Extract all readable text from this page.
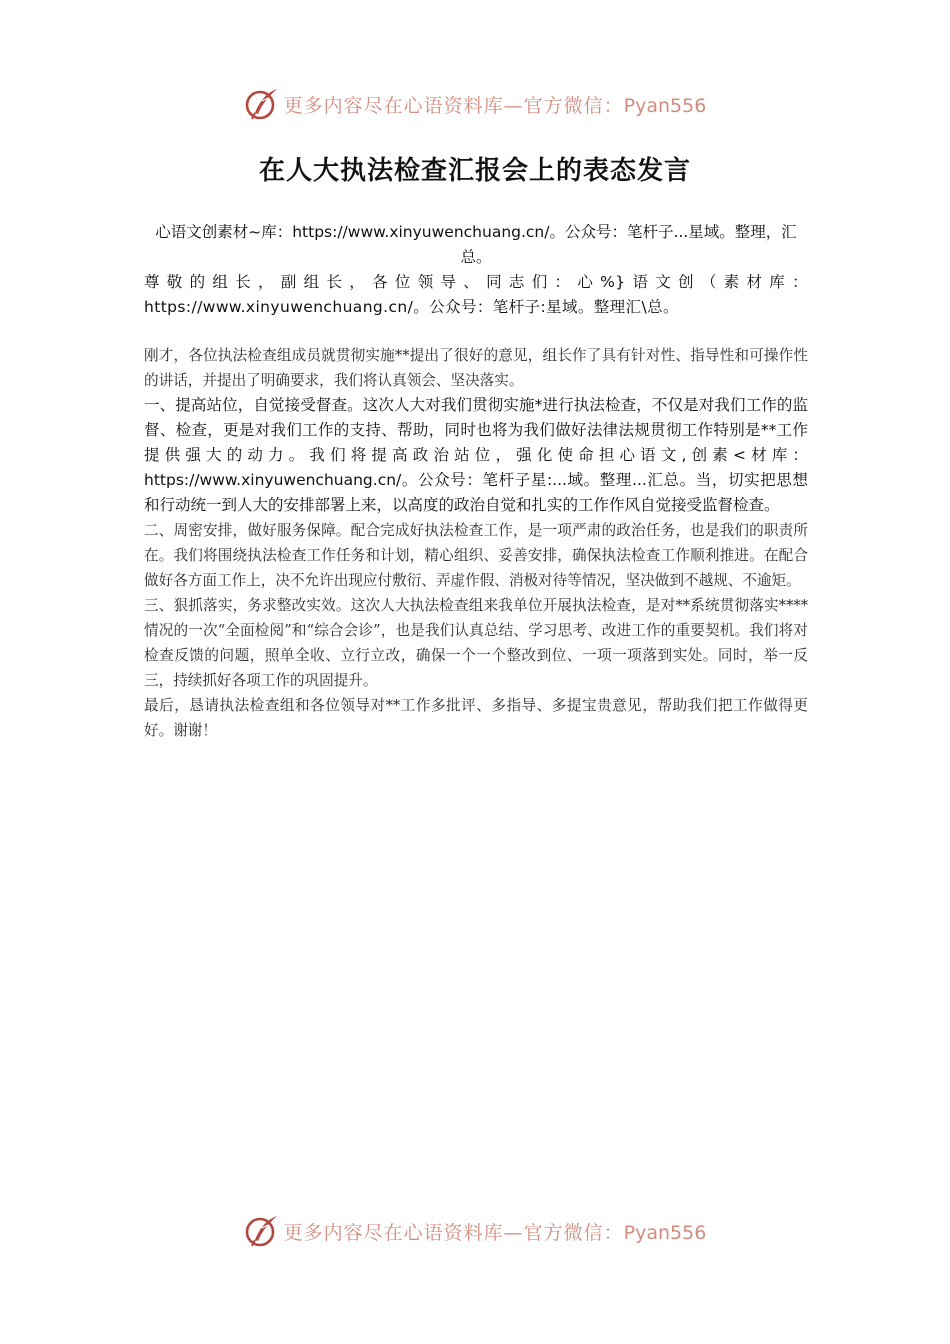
更多内容尽在心语资料库—官方微信：Pyan556
在人大执法检查汇报会上的表态发言
心语文创素材~库：https://www.xinyuwenchuang.cn/。公众号：笔杆子...星域。整理，汇总。
尊敬的组长，副组长，各位领导、同志们：心%}语文创（素材库：https://www.xinyuwenchuang.cn/。公众号：笔杆子:星域。整理汇\总。

刚才，各位执法检查组成员就贯彻实施**提出了很好的意见，组长作了具有针对性、指导性和可操作性的讲话，并提出了明确要求，我们将认真领会、坚决落实。

一、提高站位，自觉接受督查。这次人大对我们贯彻实施*进行执法检查，不仅是对我们工作的监督、检查，更是对我们工作的支持、帮助，同时也将为我们做好法律法规贯彻工作特别是**工作提供强大的动力。我们将提高政治站位，强化使命担心语文,创素<材库：https://www.xinyuwenchuang.cn/。公众号：笔杆子星:...域。整理...汇总。当，切实把思想和行动统一到人大的安排部署上来，以高度的政治自觉和扎实的工作作风自觉接受监督检查。

二、周密安排，做好服务保障。配合完成好执法检查工作，是一项严肃的政治任务，也是我们的职责所在。我们将围绕执法检查工作任务和计划，精心组织、妥善安排，确保执法检查工作顺利推进。在配合做好各方面工作上，决不允许出现应付敷衍、弄虚作假、消极对待等情况，坚决做到不越规、不逾矩。

三、狠抓落实，务求整改实效。这次人大执法检查组来我单位开展执法检查，是对**系统贯彻落实****情况的一次“全面检阅”和“综合会诊”，也是我们认真总结、学习思考、改进工作的重要契机。我们将对检查反馈的问题，照单全收、立行立改，确保一个一个整改到位、一项一项落到实处。同时，举一反三，持续抓好各项工作的巩固提升。

最后，恳请执法检查组和各位领导对**工作多批评、多指导、多提宝贵意见，帮助我们把工作做得更好。谢谢！

更多内容尽在心语资料库—官方微信：Pyan556
